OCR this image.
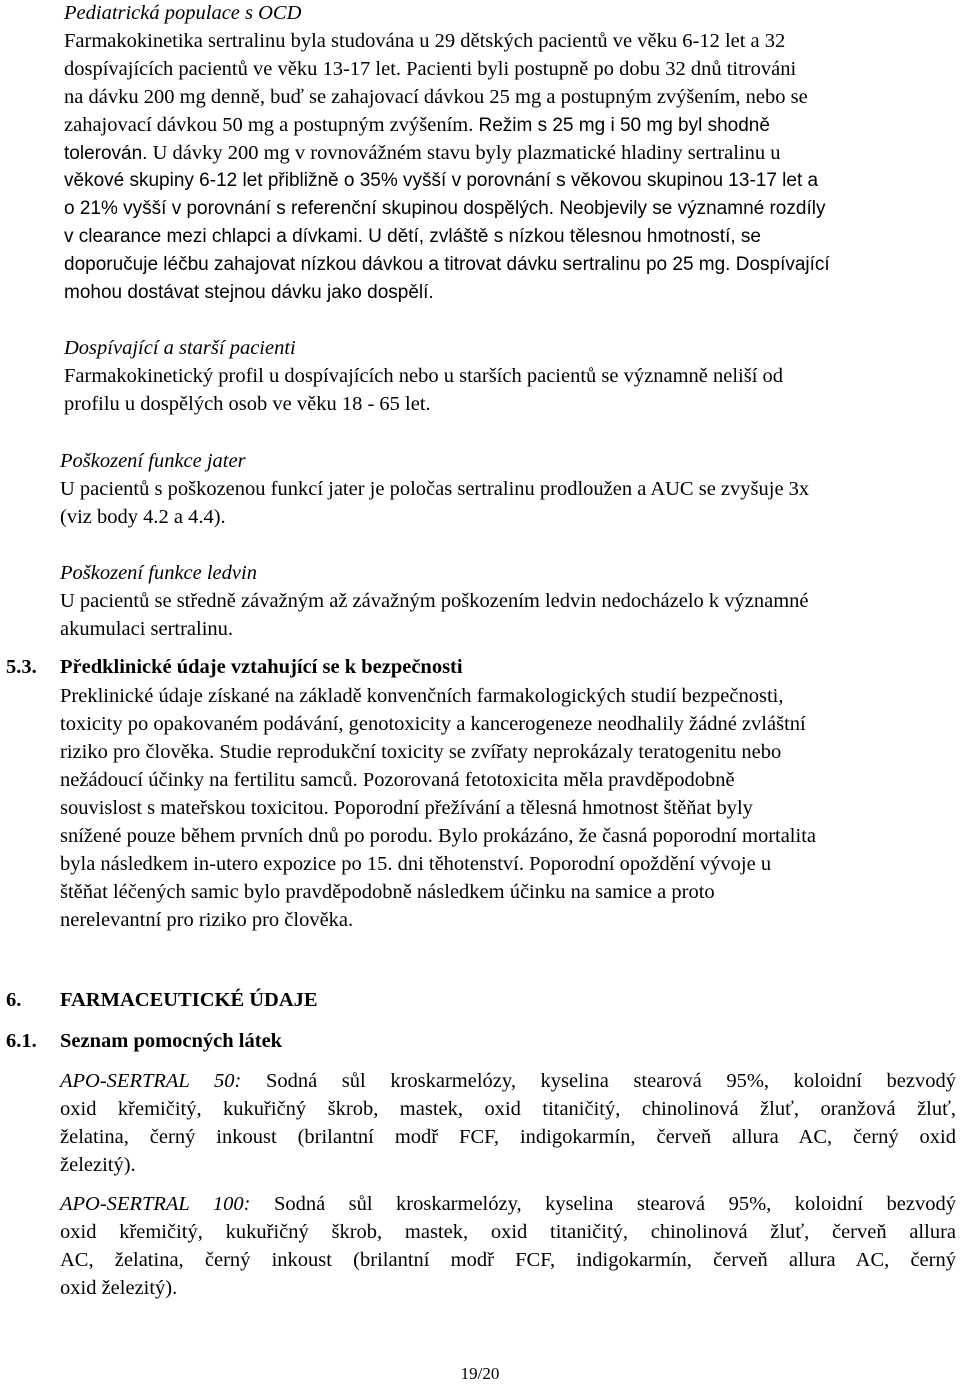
Pediatrická populace s OCD
Farmakokinetika sertralinu byla studována u 29 dětských pacientů ve věku 6-12 let a 32
dospívajících pacientů ve věku 13-17 let. Pacienti byli postupně po dobu 32 dnů titrováni
na dávku 200 mg denně, buď se zahajovací dávkou 25 mg a postupným zvýšením, nebo se
zahajovací dávkou 50 mg a postupným zvýšením. Režim s 25 mg i 50 mg byl shodně
tolerován. U dávky 200 mg v rovnovážném stavu byly plazmatické hladiny sertralinu u
věkové skupiny 6-12 let přibližně o 35% vyšší v porovnání s věkovou skupinou 13-17 let a
o 21% vyšší v porovnání s referenční skupinou dospělých. Neobjevily se významné rozdíly
v clearance mezi chlapci a dívkami. U dětí, zvláště s nízkou tělesnou hmotností, se
doporučuje léčbu zahajovat nízkou dávkou a titrovat dávku sertralinu po 25 mg. Dospívající
mohou dostávat stejnou dávku jako dospělí.
Dospívající a starší pacienti
Farmakokinetický profil u dospívajících nebo u starších pacientů se významně neliší od
profilu u dospělých osob ve věku 18 - 65 let.
Poškození funkce jater
U pacientů s poškozenou funkcí jater je poločas sertralinu prodloužen a AUC se zvyšuje 3x
(viz body 4.2 a 4.4).
Poškození funkce ledvin
U pacientů se středně závažným až závažným poškozením ledvin nedocházelo k významné
akumulaci sertralinu.
5.3. Předklinické údaje vztahující se k bezpečnosti
Preklinické údaje získané na základě konvenčních farmakologických studií bezpečnosti,
toxicity po opakovaném podávání, genotoxicity a kancerogeneze neodhalily žádné zvláštní
riziko pro člověka. Studie reprodukční toxicity se zvířaty neprokázaly teratogenitu nebo
nežádoucí účinky na fertilitu samců. Pozorovaná fetotoxicita měla pravděpodobně
souvislost s mateřskou toxicitou. Poporodní přežívání a tělesná hmotnost štěňat byly
snížené pouze během prvních dnů po porodu. Bylo prokázáno, že časná poporodní mortalita
byla následkem in-utero expozice po 15. dni těhotenství. Poporodní opoždění vývoje u
štěňat léčených samic bylo pravděpodobně následkem účinku na samice a proto
nerelevantní pro riziko pro člověka.
6. FARMACEUTICKÉ ÚDAJE
6.1. Seznam pomocných látek
APO-SERTRAL 50: Sodná sůl kroskarmelózy, kyselina stearová 95%, koloidní bezvodý
oxid křemičitý, kukuřičný škrob, mastek, oxid titaničitý, chinolinová žluť, oranžová žluť,
želatina, černý inkoust (brilantní modř FCF, indigokarmín, červeň allura AC, černý oxid
železitý).
APO-SERTRAL 100: Sodná sůl kroskarmelózy, kyselina stearová 95%, koloidní bezvodý
oxid křemičitý, kukuřičný škrob, mastek, oxid titaničitý, chinolinová žluť, červeň allura
AC, želatina, černý inkoust (brilantní modř FCF, indigokarmín, červeň allura AC, černý
oxid železitý).
19/20
